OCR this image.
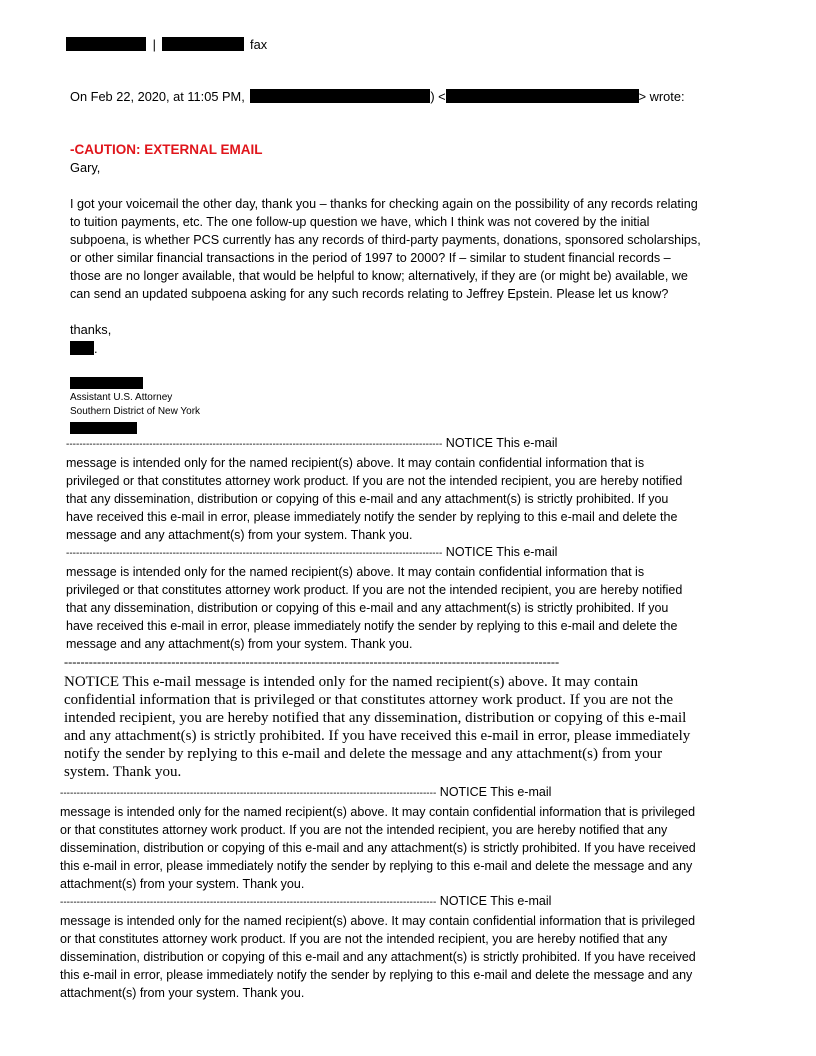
|	fax
On Feb 22, 2020, at 11:05 PM,	) <	> wrote:
-CAUTION: EXTERNAL EMAIL
Gary,
I got your voicemail the other day, thank you – thanks for checking again on the possibility of any records relating
to tuition payments, etc. The one follow-up question we have, which I think was not covered by the initial
subpoena, is whether PCS currently has any records of third-party payments, donations, sponsored scholarships,
or other similar financial transactions in the period of 1997 to 2000? If – similar to student financial records –
those are no longer available, that would be helpful to know; alternatively, if they are (or might be) available, we
can send an updated subpoena asking for any such records relating to Jeffrey Epstein. Please let us know?
thanks,
.
Assistant U.S. Attorney
Southern District of New York
----------------------------------------------------------------------------------------------------------------- NOTICE This e-mail
message is intended only for the named recipient(s) above. It may contain confidential information that is
privileged or that constitutes attorney work product. If you are not the intended recipient, you are hereby notified
that any dissemination, distribution or copying of this e-mail and any attachment(s) is strictly prohibited. If you
have received this e-mail in error, please immediately notify the sender by replying to this e-mail and delete the
message and any attachment(s) from your system. Thank you.
----------------------------------------------------------------------------------------------------------------- NOTICE This e-mail
message is intended only for the named recipient(s) above. It may contain confidential information that is
privileged or that constitutes attorney work product. If you are not the intended recipient, you are hereby notified
that any dissemination, distribution or copying of this e-mail and any attachment(s) is strictly prohibited. If you
have received this e-mail in error, please immediately notify the sender by replying to this e-mail and delete the
message and any attachment(s) from your system. Thank you.
------------------------------------------------------------------------------------------------------------------------
NOTICE This e-mail message is intended only for the named recipient(s) above. It may contain
confidential information that is privileged or that constitutes attorney work product. If you are not the
intended recipient, you are hereby notified that any dissemination, distribution or copying of this e-mail
and any attachment(s) is strictly prohibited. If you have received this e-mail in error, please immediately
notify the sender by replying to this e-mail and delete the message and any attachment(s) from your
system. Thank you.
----------------------------------------------------------------------------------------------------------------- NOTICE This e-mail
message is intended only for the named recipient(s) above. It may contain confidential information that is privileged
or that constitutes attorney work product. If you are not the intended recipient, you are hereby notified that any
dissemination, distribution or copying of this e-mail and any attachment(s) is strictly prohibited. If you have received
this e-mail in error, please immediately notify the sender by replying to this e-mail and delete the message and any
attachment(s) from your system. Thank you.
----------------------------------------------------------------------------------------------------------------- NOTICE This e-mail
message is intended only for the named recipient(s) above. It may contain confidential information that is privileged
or that constitutes attorney work product. If you are not the intended recipient, you are hereby notified that any
dissemination, distribution or copying of this e-mail and any attachment(s) is strictly prohibited. If you have received
this e-mail in error, please immediately notify the sender by replying to this e-mail and delete the message and any
attachment(s) from your system. Thank you.
